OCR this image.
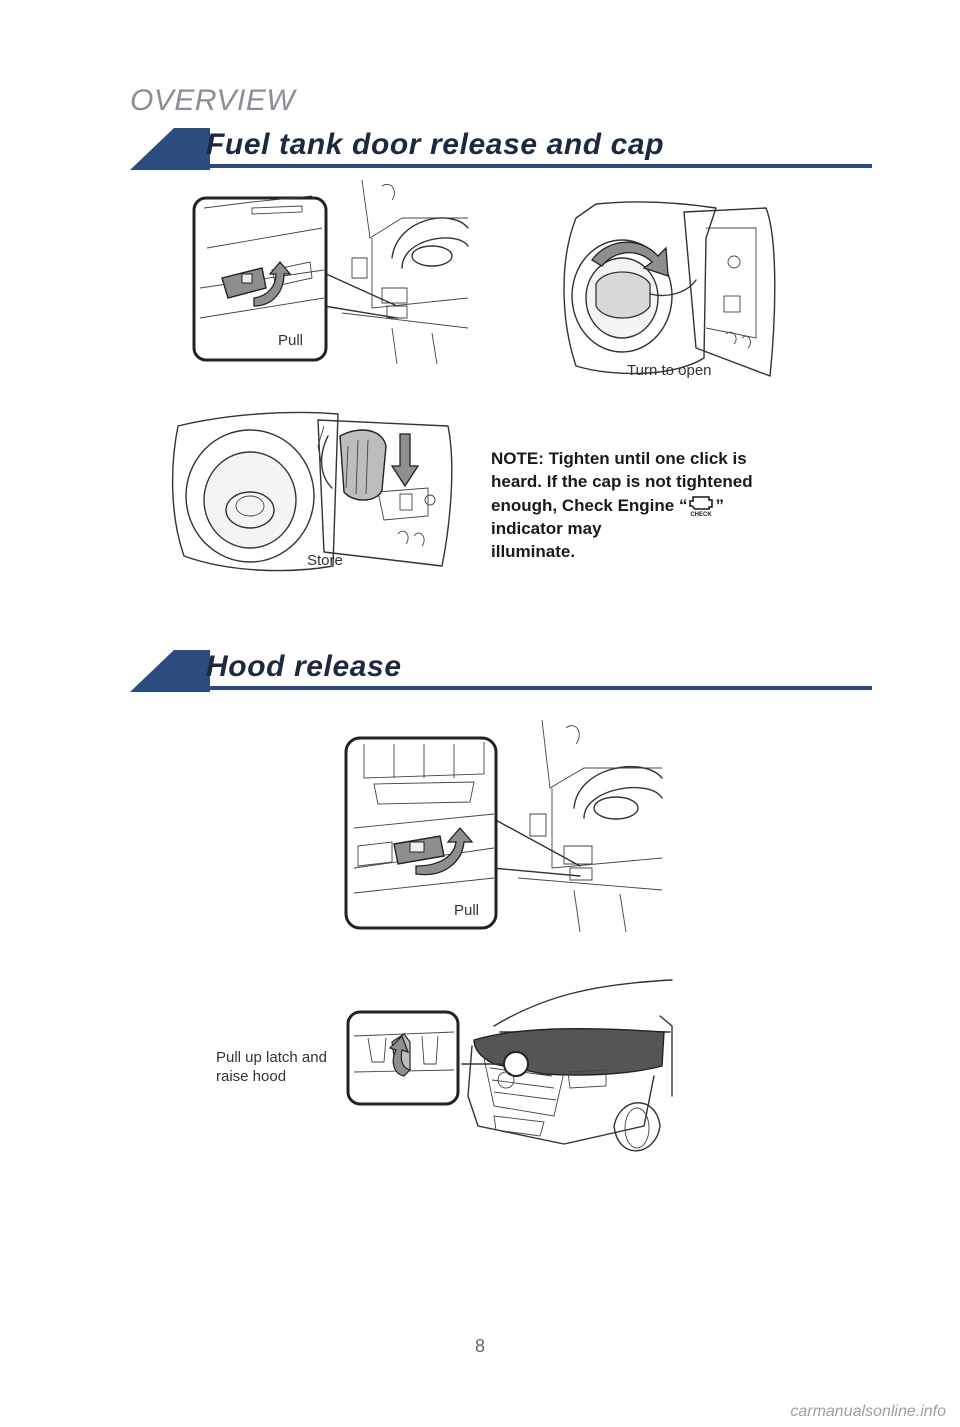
OVERVIEW
Fuel tank door release and cap
Pull
Turn to open
Store
NOTE: Tighten until one click is
heard. If the cap is not tightened
enough, Check Engine “ CHECK ”
indicator may
illuminate.
Hood release
Pull
Pull up latch and
raise hood
8
carmanualsonline.info
